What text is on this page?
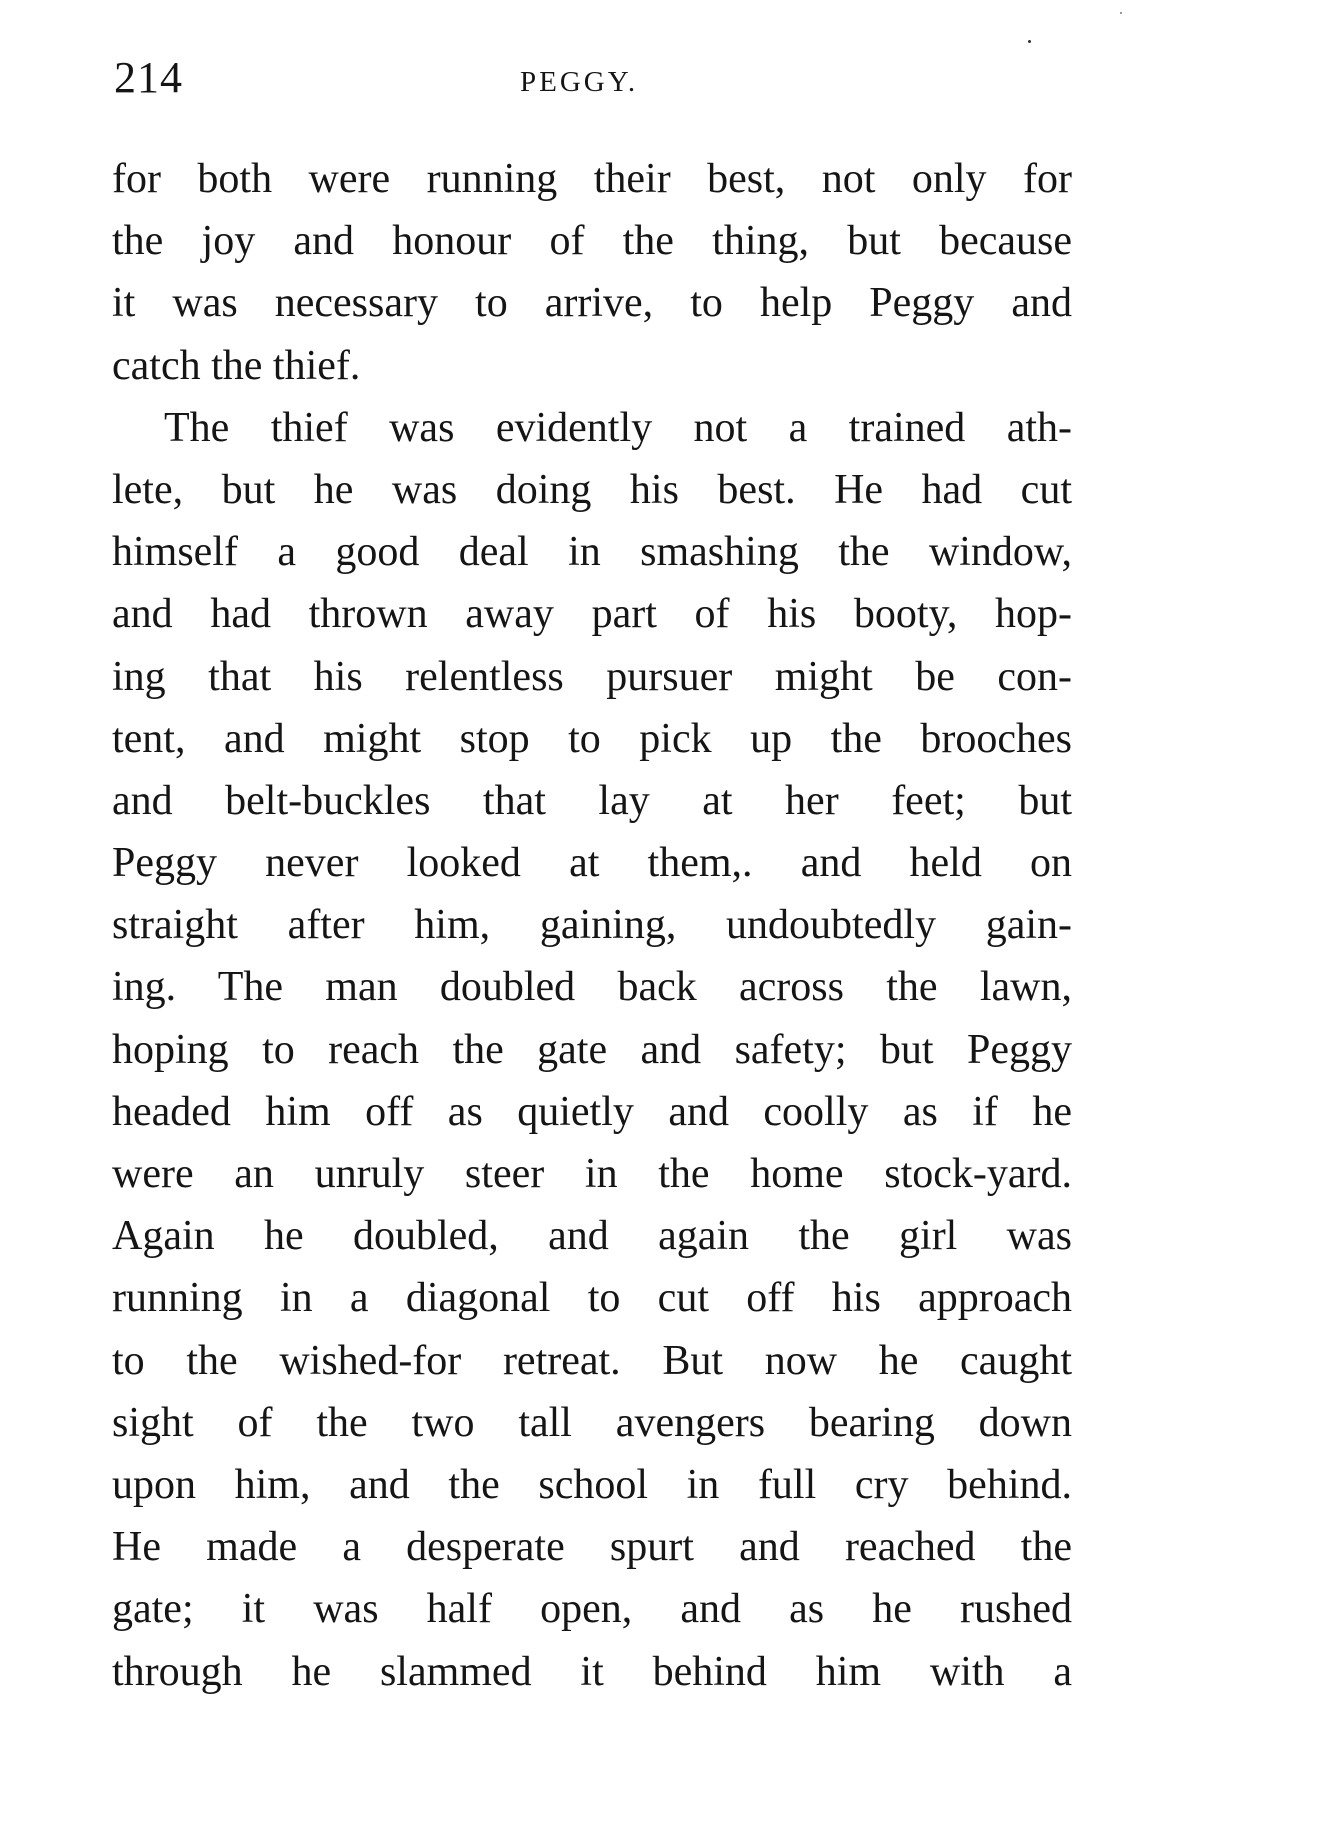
214	PEGGY.
for both were running their best, not only for
the joy and honour of the thing, but because
it was necessary to arrive, to help Peggy and
catch the thief.
The thief was evidently not a trained ath-
lete, but he was doing his best. He had cut
himself a good deal in smashing the window,
and had thrown away part of his booty, hop-
ing that his relentless pursuer might be con-
tent, and might stop to pick up the brooches
and belt-buckles that lay at her feet; but
Peggy never looked at them,. and held on
straight after him, gaining, undoubtedly gain-
ing. The man doubled back across the lawn,
hoping to reach the gate and safety; but Peggy
headed him off as quietly and coolly as if he
were an unruly steer in the home stock-yard.
Again he doubled, and again the girl was
running in a diagonal to cut off his approach
to the wished-for retreat. But now he caught
sight of the two tall avengers bearing down
upon him, and the school in full cry behind.
He made a desperate spurt and reached the
gate; it was half open, and as he rushed
through he slammed it behind him with a
